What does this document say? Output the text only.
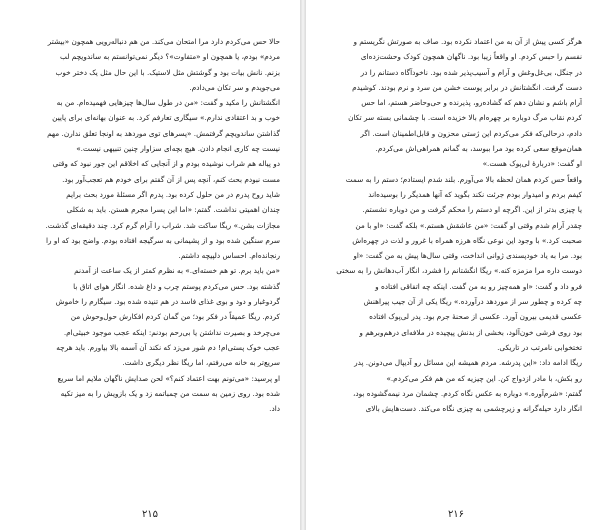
حالا حس می‌کردم دارد مرا امتحان می‌کند. من هم دنباله‌رویی همچون «بیشتر
مردم» بودم، یا همچون او «متفاوت»؟ دیگر نمی‌توانستم به ساندویچم لب
بزنم. نانش بیات بود و گوشتش مثل لاستیک. با این حال مثل یک دختر خوب
می‌جویدم و سر تکان می‌دادم.
انگشتانش را مکید و گفت: «من در طول سال‌ها چیزهایی فهمیده‌ام. من به
خوب و بد اعتقادی ندارم.» سیگاری تعارفم کرد. به عنوان بهانه‌ای برای پایین
گذاشتن ساندویچم گرفتمش. «پسرهای توی موردهد به اونجا تعلق ندارن. مهم
نیست چه کاری انجام دادن. هیچ بچه‌ای سزاوار چنین تنبیهی نیست.»
دو پیاله هم شراب نوشیده بودم و از آنجایی که اخلاقم این‌ جور نبود که وقتی
مست نبودم بحث کنم، آنچه پس از آن گفتم برای خودم هم تعجب‌آور بود.
شاید روح پدرم در من حلول کرده بود. پدرم اگر مسئلهٔ مورد بحث برایم
چندان اهمیتی نداشت. گفتم: «اما این پسرا مجرم هستن. باید به شکلی
مجازات بشن.» ریگا ساکت شد. شراب را آرام گرم کرد. چند دقیقه‌ای گذشت.
سرم سنگین شده بود و از پشیمانی به سرگیجه افتاده بودم. واضح بود که او را
رنجانده‌ام. احساس دلپیچه داشتم.
«من باید برم. تو هم خسته‌ای.» به نظرم کمتر از یک ساعت از آمدنم
گذشته بود. حس می‌کردم پوستم چرب و داغ شده. انگار هوای اتاق با
گردوغبار و دود و بوی غذای فاسد در هم تنیده شده بود. سیگارم را خاموش
کردم. ریگا عمیقاً در فکر بود؛ من گمان کردم افکارش حول‌وحوش من
می‌چرخد و بصیرت نداشتن یا بی‌رحم بودنم: اینکه عجب موجود خبیثی‌ام.
عجب خوک پستی‌ام! دم شور می‌زد که نکند آن آسمه بالا بیاورم. باید هرچه
سریع‌تر به خانه می‌رفتم، اما ریگا نظر دیگری داشت.
او پرسید: «می‌تونم بهت اعتماد کنم؟» لحن صدایش ناگهان ملایم اما سریع
شده بود. روی زمین به سمت من چمباتمه زد و یک بازویش را به میز تکیه
داد.
۲۱۵
هرگز کسی پیش از آن به من اعتماد نکرده بود. صاف به صورتش نگریستم و
نفسم را حبس کردم. او واقعاً زیبا بود. ناگهان همچون کودک وحشت‌زده‌ای
در جنگل، بی‌غل‌وغش و آرام و آسیب‌پذیر شده بود. ناخودآگاه دستانم را در
دست گرفت. انگشتانش در برابر پوست خشن من سرد و نرم بودند. کوشیدم
آرام باشم و نشان دهم که گشاده‌رو، پذیرنده و حی‌وحاضر هستم، اما حس
کردم نقاب مرگ دوباره بر چهره‌ام بالا خزیده است. با چشمانی بسته سر تکان
دادم، درحالی‌که فکر می‌کردم این ژستی محزون و قابل‌اطمینان است. اگر
همان‌موقع سعی کرده بود مرا ببوسد، به گمانم همراهی‌اش می‌کردم.
او گفت: «دربارهٔ لی‌پوک هست.»
واقعاً حس کردم همان لحظه بالا می‌آورم. بلند شدم ایستادم؛ دستم را به سمت
کیفم بردم و امیدوار بودم جرئت نکند بگوید که آنها همدیگر را بوسیده‌اند
یا چیزی بدتر از این. اگرچه او دستم را محکم گرفت و من دوباره نشستم.
چقدر آرام شدم وقتی او گفت: «من عاشقش هستم.» بلکه گفت: «او با من
صحبت کرد.» با وجود این نوعی نگاه هرزه همراه با غرور و لذت در چهره‌اش
بود. مرا به یاد خودپسندی ژوانی انداخت، وقتی سال‌ها پیش به من گفت: «او
دوست داره مرا مزمزه کنه.» ریگا انگشتانم را فشرد، انگار آب‌دهانش را به سختی
فرو داد و گفت: «او همه‌چیز رو به من گفت. اینکه چه اتفاقی افتاده و
چه کرده و چطور سر از موردهد درآورده.» ریگا یکی از آن جیب پیراهنش
عکسی قدیمی بیرون آورد. عکسی از صحنهٔ جرم بود. پدر لی‌پوک افتاده
بود روی فرشی خون‌آلود، بخشی از بدنش پیچیده در ملافه‌ای درهم‌وبرهم و
تختخوابی نامرتب در تاریکی.
ریگا ادامه داد: «این پدرشه. مردم همیشه این مسائل رو آدیپال می‌دونن. پدر
رو بکش، با مادر ازدواج کن. این چیزیه که من هم فکر می‌کردم.»
گفتم: «شرم‌آوره.» دوباره به عکس نگاه کردم. چشمان مرد نیمه‌گشوده بود،
انگار دارد حیله‌گرانه و زیرچشمی به چیزی نگاه می‌کند. دست‌هایش بالای
۲۱۶
